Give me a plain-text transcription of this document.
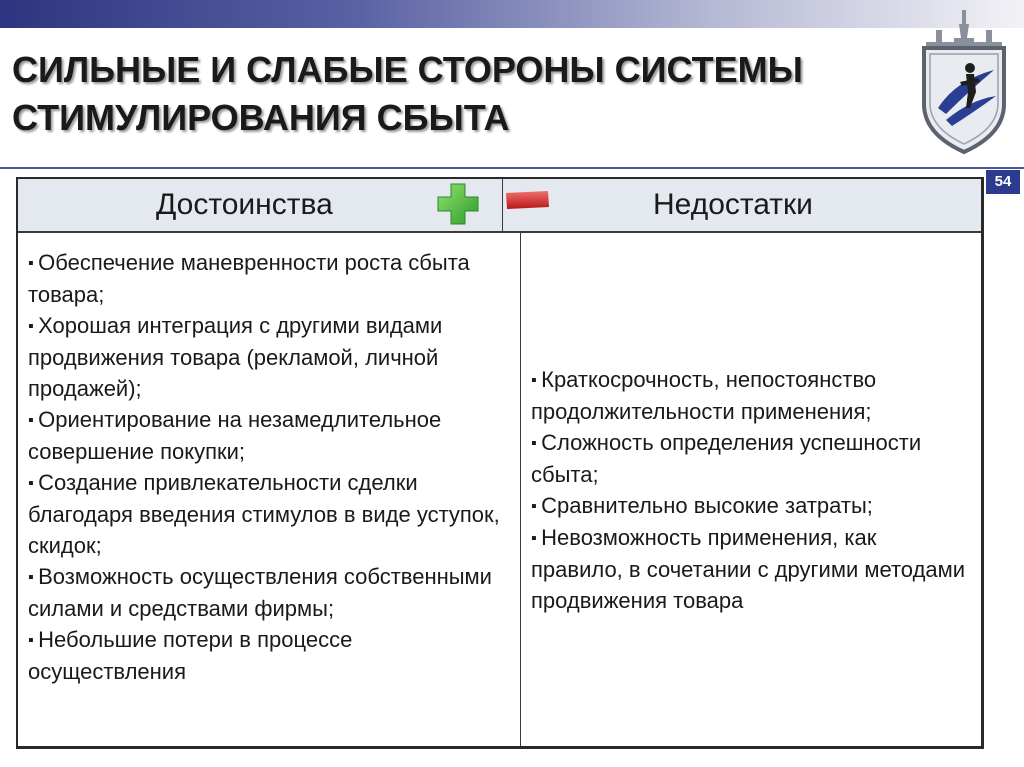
СИЛЬНЫЕ И СЛАБЫЕ СТОРОНЫ СИСТЕМЫ
СТИМУЛИРОВАНИЯ СБЫТА
54
Достоинства	Недостатки
▪ Обеспечение маневренности роста сбыта товара;
▪ Хорошая интеграция с другими видами продвижения товара (рекламой, личной продажей);
▪ Ориентирование на незамедлительное совершение покупки;
▪ Создание привлекательности сделки благодаря введения стимулов в виде уступок, скидок;
▪ Возможность осуществления собственными силами и средствами фирмы;
▪ Небольшие потери в процессе осуществления
▪ Краткосрочность, непостоянство продолжительности применения;
▪ Сложность определения успешности сбыта;
▪ Сравнительно высокие затраты;
▪ Невозможность применения, как правило, в сочетании с другими методами продвижения товара
